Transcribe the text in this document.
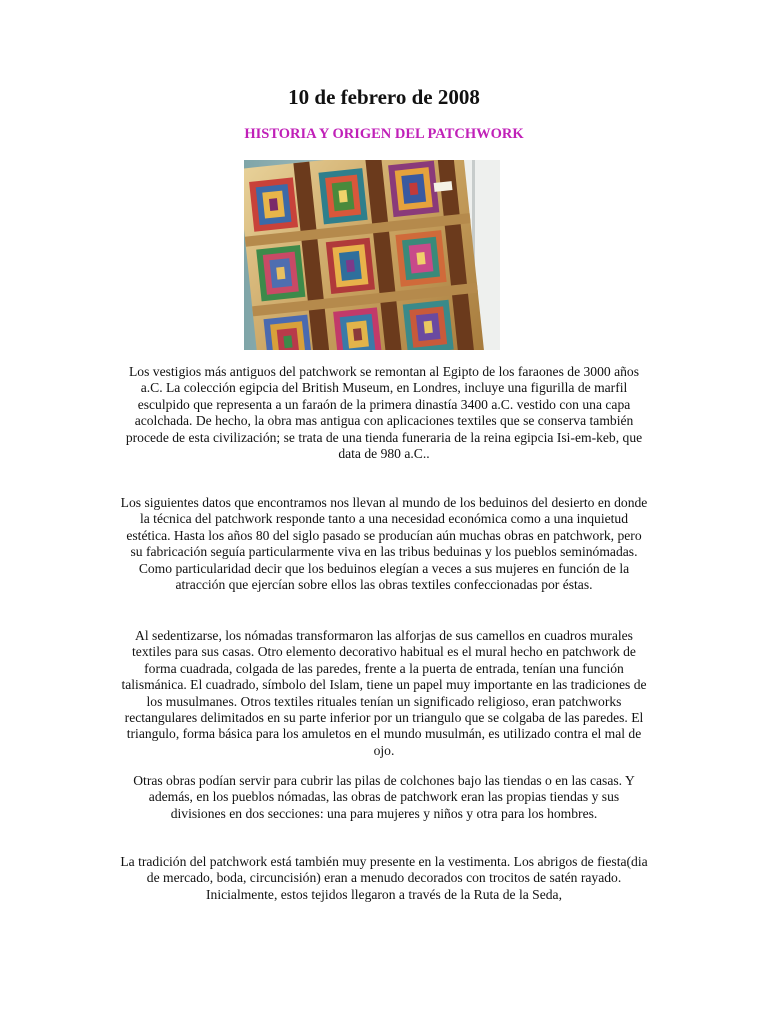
10 de febrero de 2008
HISTORIA Y ORIGEN DEL PATCHWORK

Los vestigios más antiguos del patchwork se remontan al Egipto de los faraones de 3000 años a.C. La colección egipcia del British Museum, en Londres, incluye una figurilla de marfil esculpido que representa a un faraón de la primera dinastía 3400 a.C. vestido con una capa acolchada. De hecho, la obra mas antigua con aplicaciones textiles que se conserva también procede de esta civilización; se trata de una tienda funeraria de la reina egipcia Isi-em-keb, que data de 980 a.C..

Los siguientes datos que encontramos nos llevan al mundo de los beduinos del desierto en donde la técnica del patchwork responde tanto a una necesidad económica como a una inquietud estética. Hasta los años 80 del siglo pasado se producían aún muchas obras en patchwork, pero su fabricación seguía particularmente viva en las tribus beduinas y los pueblos seminómadas. Como particularidad decir que los beduinos elegían a veces a sus mujeres en función de la atracción que ejercían sobre ellos las obras textiles confeccionadas por éstas.

Al sedentizarse, los nómadas transformaron las alforjas de sus camellos en cuadros murales textiles para sus casas. Otro elemento decorativo habitual es el mural hecho en patchwork de forma cuadrada, colgada de las paredes, frente a la puerta de entrada, tenían una función talismánica. El cuadrado, símbolo del Islam, tiene un papel muy importante en las tradiciones de los musulmanes. Otros textiles rituales tenían un significado religioso, eran patchworks rectangulares delimitados en su parte inferior por un triangulo que se colgaba de las paredes. El triangulo, forma básica para los amuletos en el mundo musulmán, es utilizado contra el mal de ojo.

Otras obras podían servir para cubrir las pilas de colchones bajo las tiendas o en las casas. Y además, en los pueblos nómadas, las obras de patchwork eran las propias tiendas y sus divisiones en dos secciones: una para mujeres y niños y otra para los hombres.

La tradición del patchwork está también muy presente en la vestimenta. Los abrigos de fiesta(dia de mercado, boda, circuncisión) eran a menudo decorados con trocitos de satén rayado. Inicialmente, estos tejidos llegaron a través de la Ruta de la Seda,
